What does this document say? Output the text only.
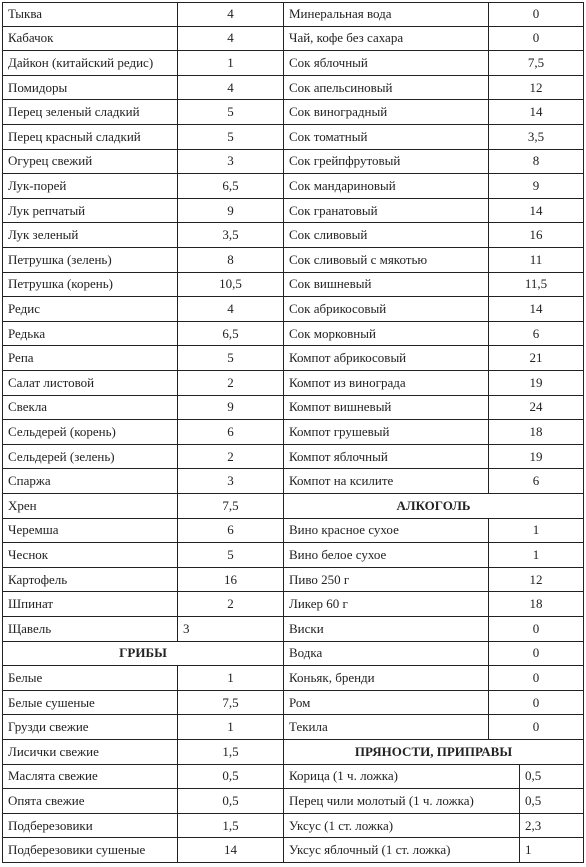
Тыква	4	Минеральная вода	0
Кабачок	4	Чай, кофе без сахара	0
Дайкон (китайский редис)	1	Сок яблочный	7,5
Помидоры	4	Сок апельсиновый	12
Перец зеленый сладкий	5	Сок виноградный	14
Перец красный сладкий	5	Сок томатный	3,5
Огурец свежий	3	Сок грейпфрутовый	8
Лук-порей	6,5	Сок мандариновый	9
Лук репчатый	9	Сок гранатовый	14
Лук зеленый	3,5	Сок сливовый	16
Петрушка (зелень)	8	Сок сливовый с мякотью	11
Петрушка (корень)	10,5	Сок вишневый	11,5
Редис	4	Сок абрикосовый	14
Редька	6,5	Сок морковный	6
Репа	5	Компот абрикосовый	21
Салат листовой	2	Компот из винограда	19
Свекла	9	Компот вишневый	24
Сельдерей (корень)	6	Компот грушевый	18
Сельдерей (зелень)	2	Компот яблочный	19
Спаржа	3	Компот на ксилите	6
Хрен	7,5	АЛКОГОЛЬ
Черемша	6	Вино красное сухое	1
Чеснок	5	Вино белое сухое	1
Картофель	16	Пиво 250 г	12
Шпинат	2	Ликер 60 г	18
Щавель	3	Виски	0
ГРИБЫ	Водка	0
Белые	1	Коньяк, бренди	0
Белые сушеные	7,5	Ром	0
Грузди свежие	1	Текила	0
Лисички свежие	1,5	ПРЯНОСТИ, ПРИПРАВЫ
Маслята свежие	0,5	Корица (1 ч. ложка)	0,5
Опята свежие	0,5	Перец чили молотый (1 ч. ложка)	0,5
Подберезовики	1,5	Уксус (1 ст. ложка)	2,3
Подберезовики сушеные	14	Уксус яблочный (1 ст. ложка)	1
